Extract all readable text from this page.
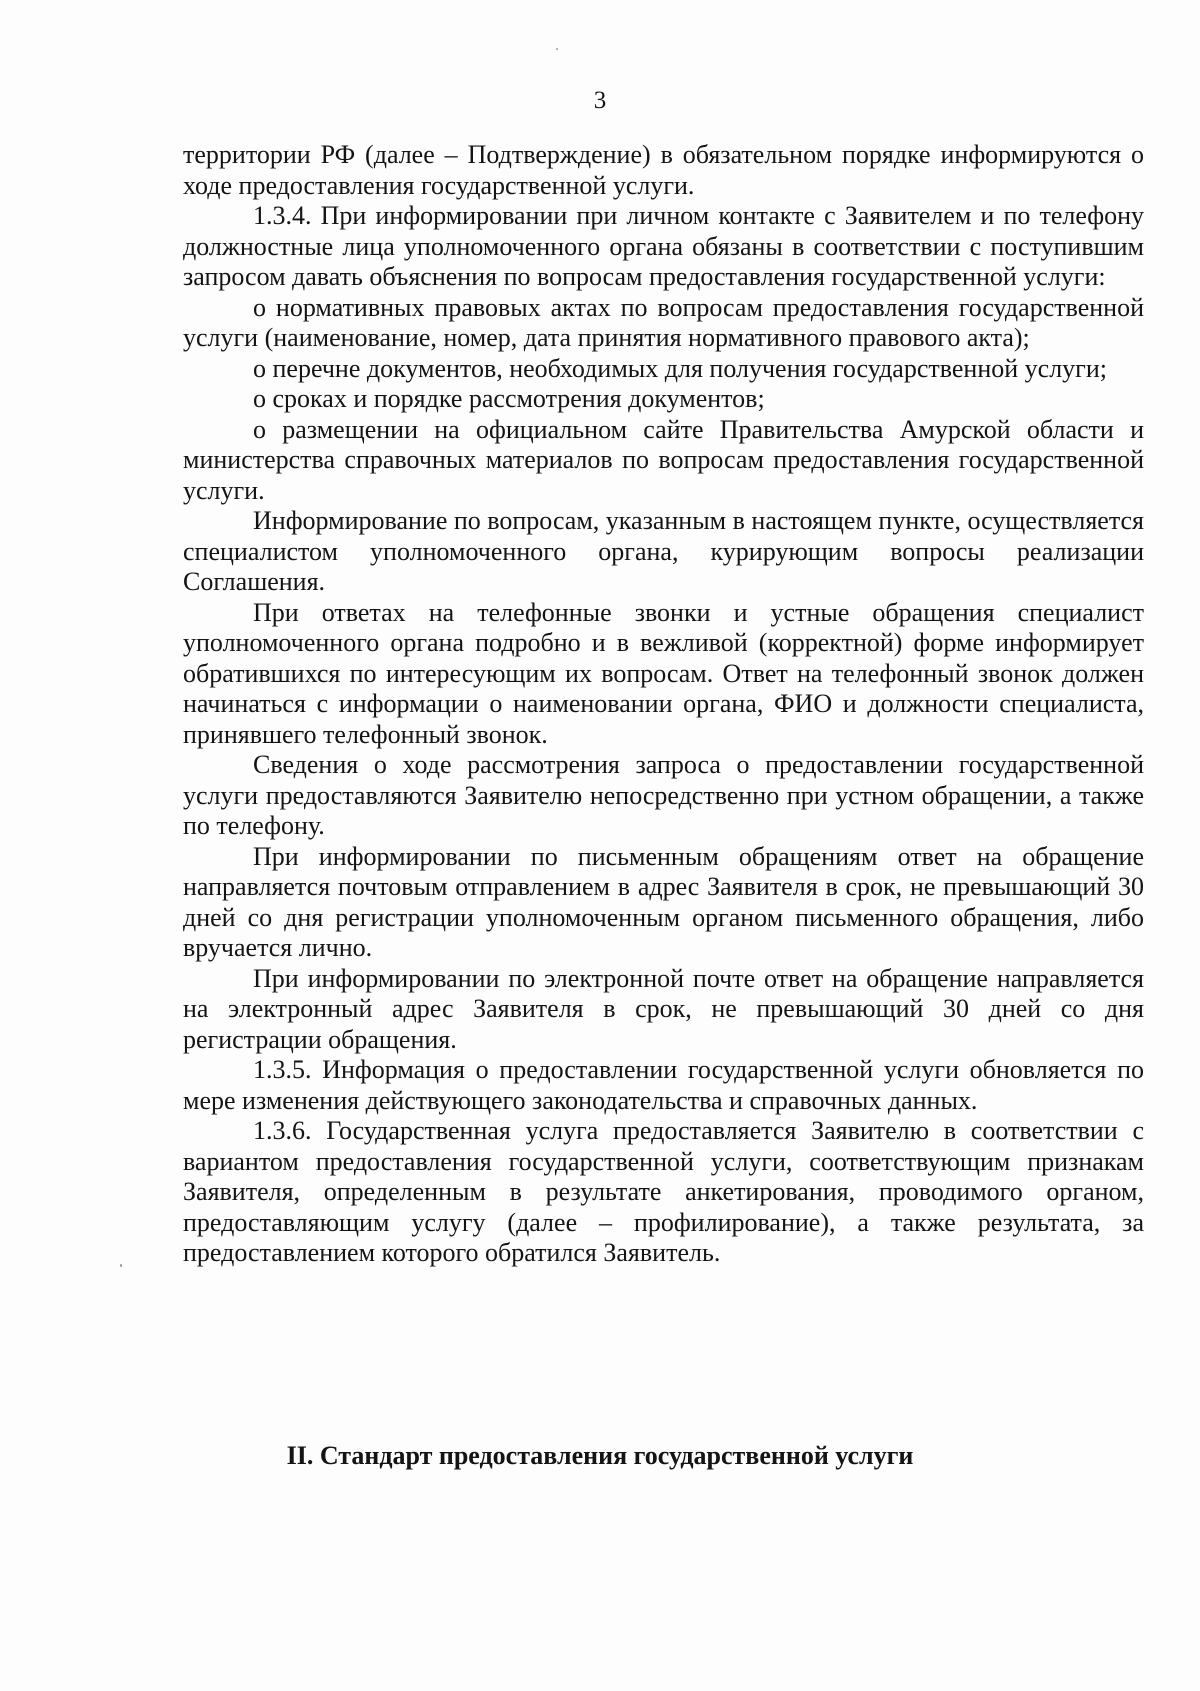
3

территории РФ (далее – Подтверждение) в обязательном порядке информируются о ходе предоставления государственной услуги.

1.3.4. При информировании при личном контакте с Заявителем и по телефону должностные лица уполномоченного органа обязаны в соответствии с поступившим запросом давать объяснения по вопросам предоставления государственной услуги:

о нормативных правовых актах по вопросам предоставления государственной услуги (наименование, номер, дата принятия нормативного правового акта);

о перечне документов, необходимых для получения государственной услуги;

о сроках и порядке рассмотрения документов;

о размещении на официальном сайте Правительства Амурской области и министерства справочных материалов по вопросам предоставления государственной услуги.

Информирование по вопросам, указанным в настоящем пункте, осуществляется специалистом уполномоченного органа, курирующим вопросы реализации Соглашения.

При ответах на телефонные звонки и устные обращения специалист уполномоченного органа подробно и в вежливой (корректной) форме информирует обратившихся по интересующим их вопросам. Ответ на телефонный звонок должен начинаться с информации о наименовании органа, ФИО и должности специалиста, принявшего телефонный звонок.

Сведения о ходе рассмотрения запроса о предоставлении государственной услуги предоставляются Заявителю непосредственно при устном обращении, а также по телефону.

При информировании по письменным обращениям ответ на обращение направляется почтовым отправлением в адрес Заявителя в срок, не превышающий 30 дней со дня регистрации уполномоченным органом письменного обращения, либо вручается лично.

При информировании по электронной почте ответ на обращение направляется на электронный адрес Заявителя в срок, не превышающий 30 дней со дня регистрации обращения.

1.3.5. Информация о предоставлении государственной услуги обновляется по мере изменения действующего законодательства и справочных данных.

1.3.6. Государственная услуга предоставляется Заявителю в соответствии с вариантом предоставления государственной услуги, соответствующим признакам Заявителя, определенным в результате анкетирования, проводимого органом, предоставляющим услугу (далее – профилирование), а также результата, за предоставлением которого обратился Заявитель.

II. Стандарт предоставления государственной услуги
